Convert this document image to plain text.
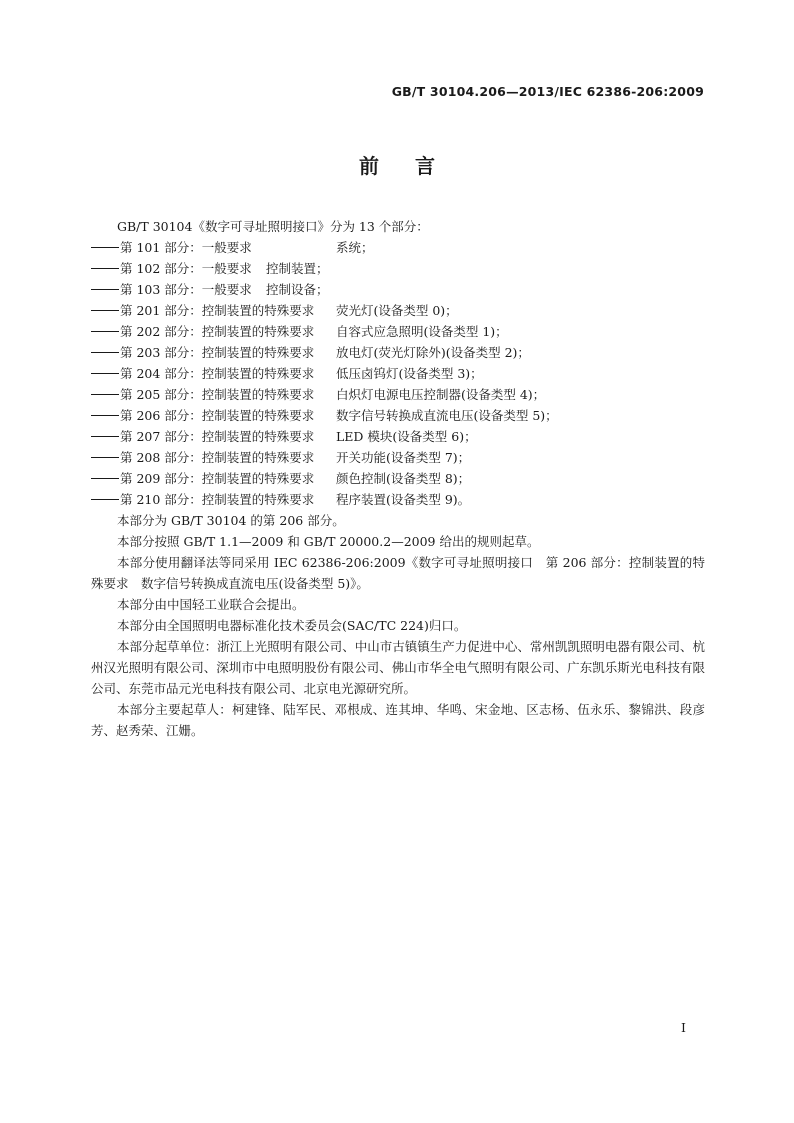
GB/T 30104.206—2013/IEC 62386-206:2009
前 言
GB/T 30104《数字可寻址照明接口》分为 13 个部分：
第 101 部分：一般要求	系统；
第 102 部分：一般要求 控制装置；
第 103 部分：一般要求 控制设备；
第 201 部分：控制装置的特殊要求 荧光灯(设备类型 0)；
第 202 部分：控制装置的特殊要求 自容式应急照明(设备类型 1)；
第 203 部分：控制装置的特殊要求 放电灯(荧光灯除外)(设备类型 2)；
第 204 部分：控制装置的特殊要求 低压卤钨灯(设备类型 3)；
第 205 部分：控制装置的特殊要求 白炽灯电源电压控制器(设备类型 4)；
第 206 部分：控制装置的特殊要求 数字信号转换成直流电压(设备类型 5)；
第 207 部分：控制装置的特殊要求 LED 模块(设备类型 6)；
第 208 部分：控制装置的特殊要求 开关功能(设备类型 7)；
第 209 部分：控制装置的特殊要求 颜色控制(设备类型 8)；
第 210 部分：控制装置的特殊要求 程序装置(设备类型 9)。

本部分为 GB/T 30104 的第 206 部分。

本部分按照 GB/T 1.1—2009 和 GB/T 20000.2—2009 给出的规则起草。

本部分使用翻译法等同采用 IEC 62386-206:2009《数字可寻址照明接口　第 206 部分：控制装置的特殊要求　数字信号转换成直流电压(设备类型 5)》。

本部分由中国轻工业联合会提出。

本部分由全国照明电器标准化技术委员会(SAC/TC 224)归口。

本部分起草单位：浙江上光照明有限公司、中山市古镇镇生产力促进中心、常州凯凯照明电器有限公司、杭州汉光照明有限公司、深圳市中电照明股份有限公司、佛山市华全电气照明有限公司、广东凯乐斯光电科技有限公司、东莞市品元光电科技有限公司、北京电光源研究所。

本部分主要起草人：柯建锋、陆军民、邓根成、连其坤、华鸣、宋金地、区志杨、伍永乐、黎锦洪、段彦芳、赵秀荣、江姗。

I
